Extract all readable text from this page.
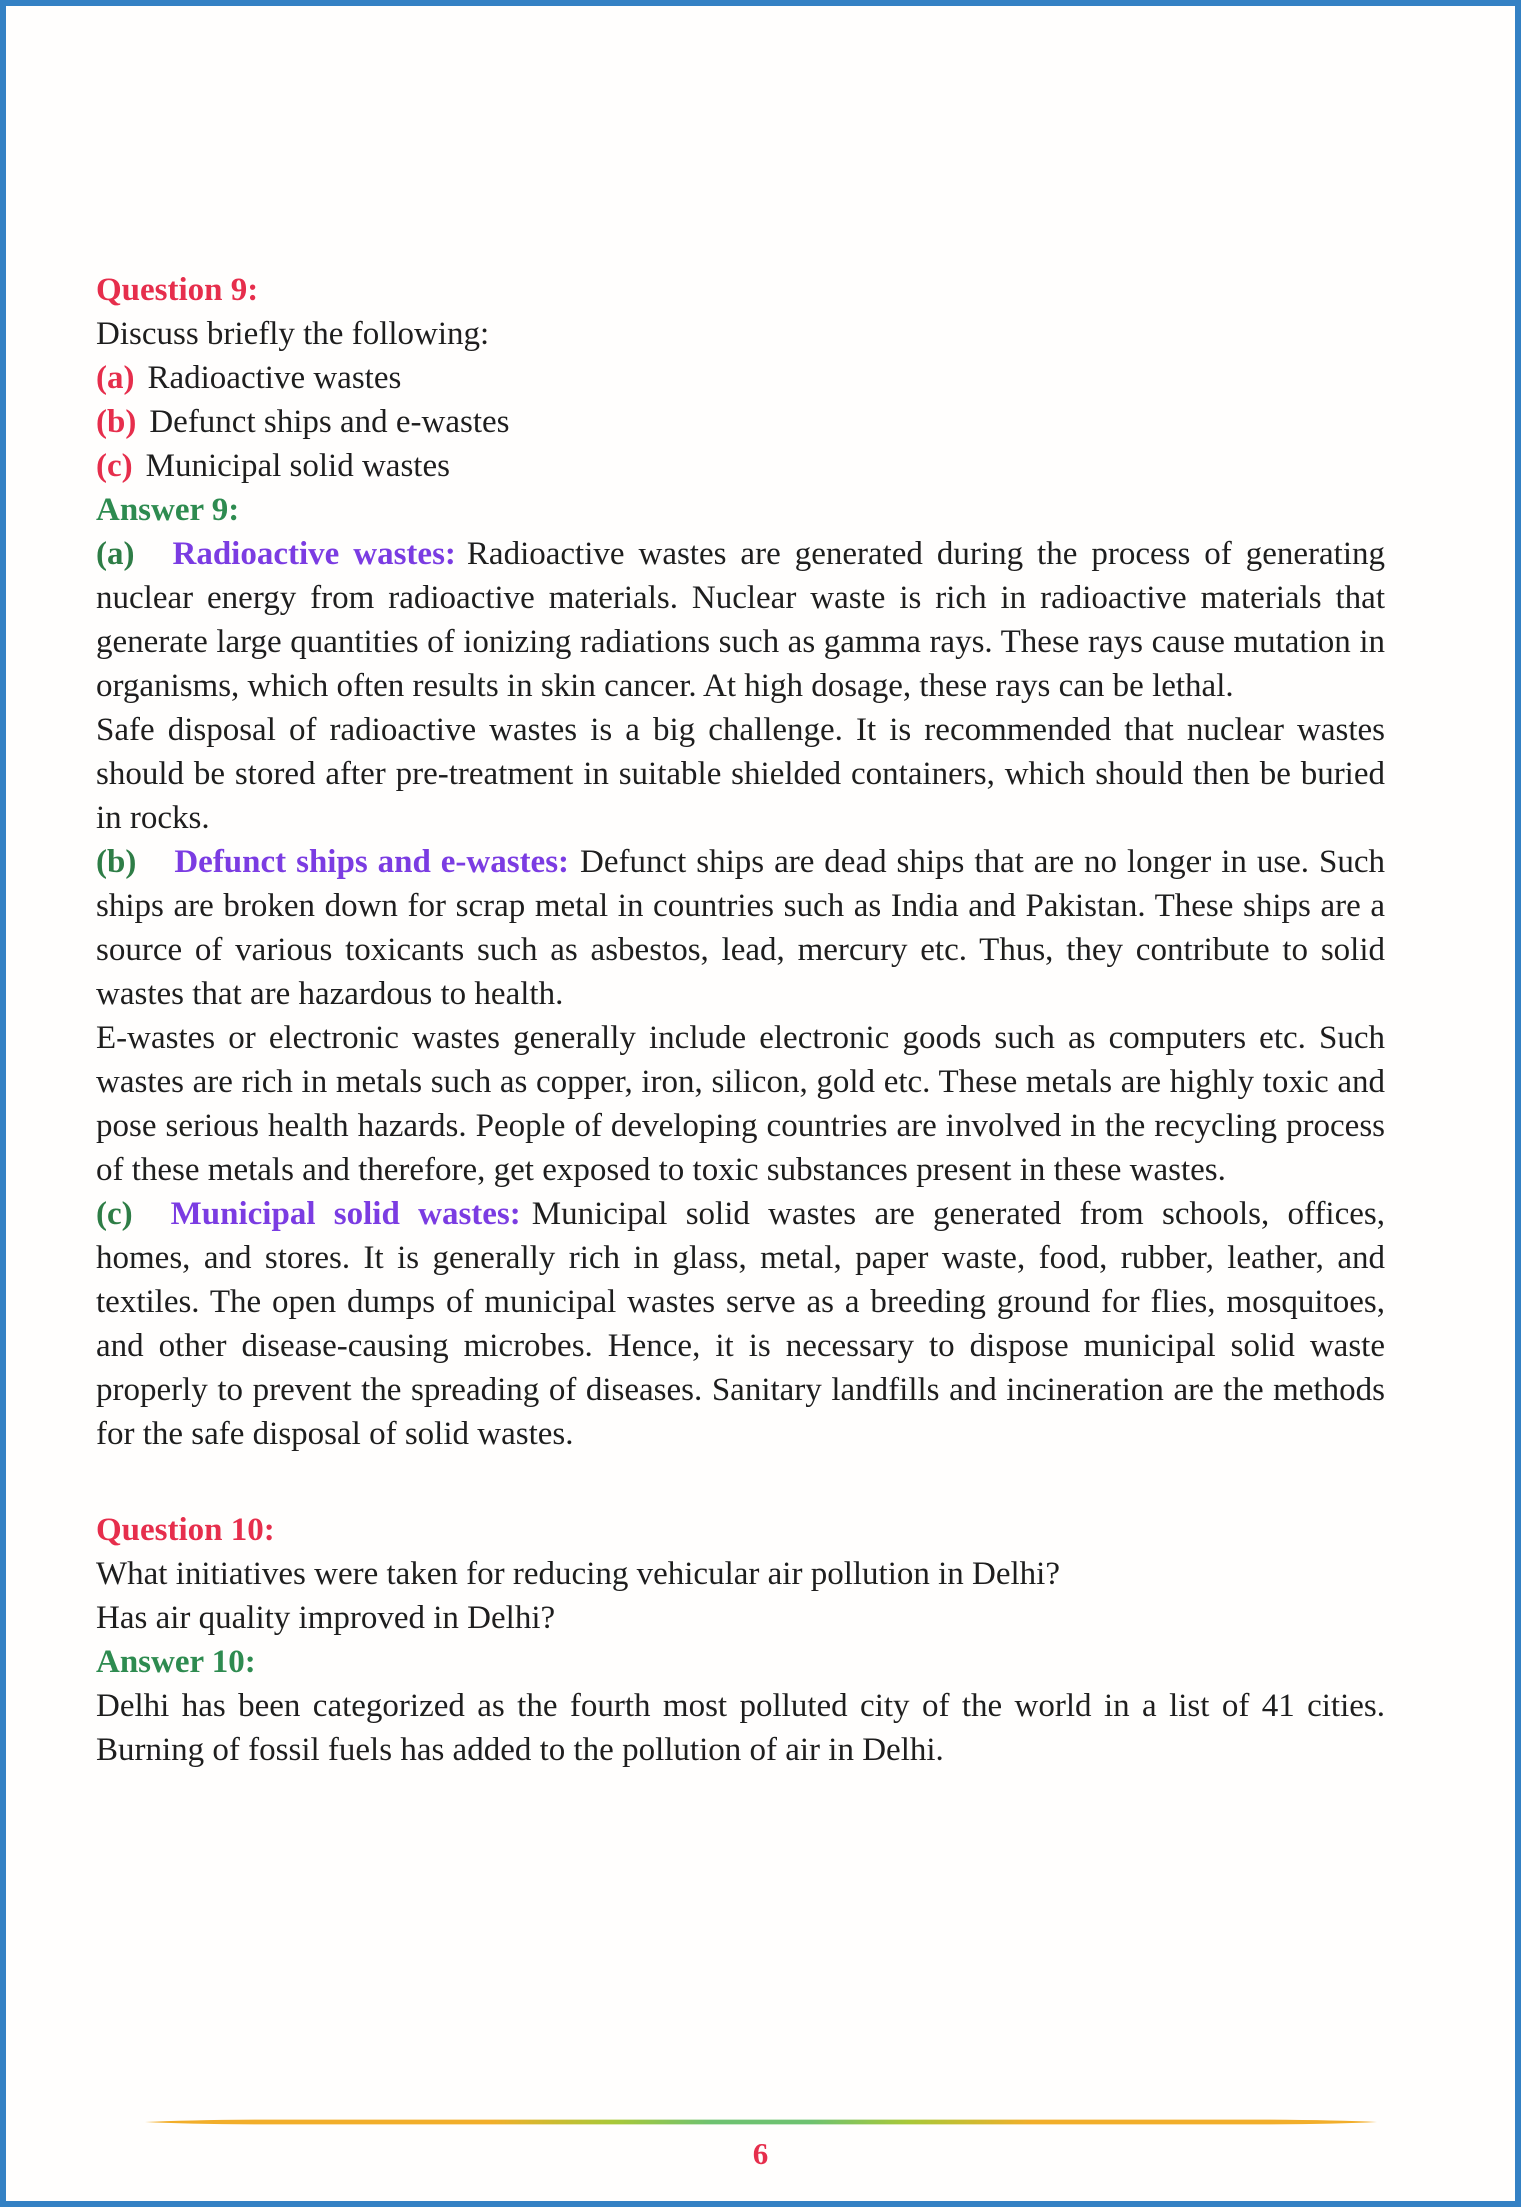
Question 9:

Discuss briefly the following:

(a) Radioactive wastes

(b) Defunct ships and e-wastes

(c) Municipal solid wastes

Answer 9:

(a) Radioactive wastes: Radioactive wastes are generated during the process of generating nuclear energy from radioactive materials. Nuclear waste is rich in radioactive materials that generate large quantities of ionizing radiations such as gamma rays. These rays cause mutation in organisms, which often results in skin cancer. At high dosage, these rays can be lethal.

Safe disposal of radioactive wastes is a big challenge. It is recommended that nuclear wastes should be stored after pre-treatment in suitable shielded containers, which should then be buried in rocks.

(b) Defunct ships and e-wastes: Defunct ships are dead ships that are no longer in use. Such ships are broken down for scrap metal in countries such as India and Pakistan. These ships are a source of various toxicants such as asbestos, lead, mercury etc. Thus, they contribute to solid wastes that are hazardous to health.

E-wastes or electronic wastes generally include electronic goods such as computers etc. Such wastes are rich in metals such as copper, iron, silicon, gold etc. These metals are highly toxic and pose serious health hazards. People of developing countries are involved in the recycling process of these metals and therefore, get exposed to toxic substances present in these wastes.

(c) Municipal solid wastes: Municipal solid wastes are generated from schools, offices, homes, and stores. It is generally rich in glass, metal, paper waste, food, rubber, leather, and textiles. The open dumps of municipal wastes serve as a breeding ground for flies, mosquitoes, and other disease-causing microbes. Hence, it is necessary to dispose municipal solid waste properly to prevent the spreading of diseases. Sanitary landfills and incineration are the methods for the safe disposal of solid wastes.

Question 10:

What initiatives were taken for reducing vehicular air pollution in Delhi?

Has air quality improved in Delhi?

Answer 10:

Delhi has been categorized as the fourth most polluted city of the world in a list of 41 cities. Burning of fossil fuels has added to the pollution of air in Delhi.

6
